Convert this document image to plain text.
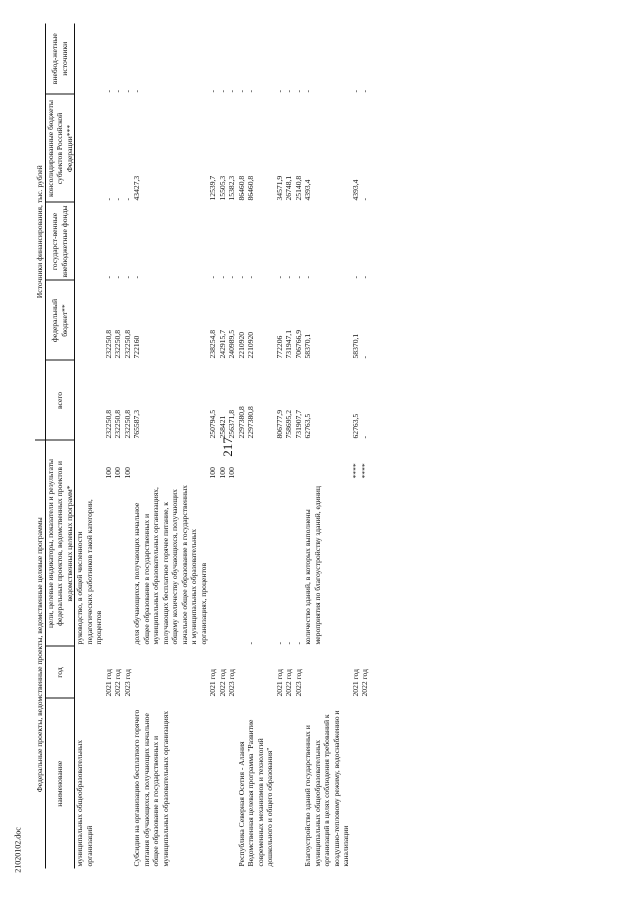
217
21020102.doc
Федеральные проекты, ведомственные проекты, ведомственные целевые программы				Источники финансирования, тыс. рублей				
наименование	год	цели, целевые индикаторы, показатели и результаты федеральных проектов, ведомственных проектов и ведомственных целевых программ*		всего	федеральный бюджет**	государст-венные внебюджетные фонды	консолидированные бюджеты субъектов Российской Федерации***	внебюд-жетные источники
муниципальных общеобразовательных организаций		руководство, в общей численности педагогических работников такой категории, процентов						
	2021 год		100	232250,8	232250,8	-	-	-
	2022 год		100	232250,8	232250,8	-	-	-
	2023 год		100	232250,8	232250,8	-	-	-
Субсидии на организацию бесплатного горячего питания обучающихся, получающих начальное общее образование в государственных и муниципальных образовательных организациях		доля обучающихся, получающих начальное общее образование в государственных и муниципальных образовательных организациях, получающих бесплатное горячее питание, к общему количеству обучающихся, получающих начальное общее образование в государственных и муниципальных образовательных организациях, процентов		765587,3	722160	-	43427,3	-
	2021 год		100	250794,5	238254,8	-	12539,7	-
	2022 год		100	258421	242915,7	-	15505,3	-
	2023 год		100	256371,8	240989,5	-	15382,3	-
Республика Северная Осетия - Алания				2297380,8	2210920	-	86460,8	-
Ведомственная целевая программа "Развитие современных механизмов и технологий дошкольного и общего образования"		-		2297380,8	2210920	-	86460,8	-
	2021 год	-		806777,9	772206	-	34571,9	-
	2022 год	-		758695,2	731947,1	-	26748,1	-
	2023 год	-		731907,7	706766,9	-	25140,8	-
Благоустройство зданий государственных и муниципальных общеобразовательных организаций в целях соблюдения требований к воздушно-тепловому режиму, водоснабжению и канализации		количество зданий, в которых выполнены мероприятия по благоустройству зданий, единиц		62763,5	58370,1	-	4393,4	-
	2021 год		****	62763,5	58370,1	-	4393,4	-
	2022 год		****	-	-	-	-	-
